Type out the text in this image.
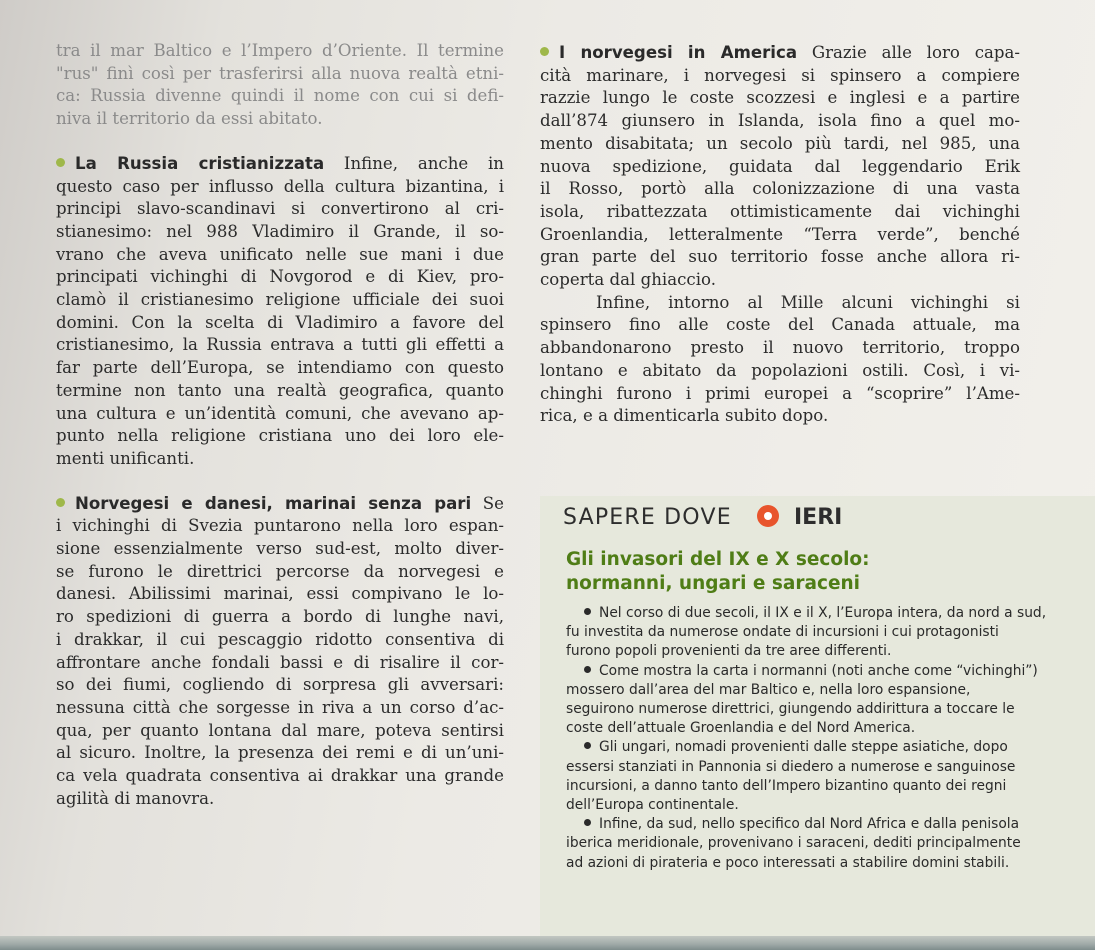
tra il mar Baltico e l’Impero d’Oriente. Il termine
"rus" finì così per trasferirsi alla nuova realtà etni-
ca: Russia divenne quindi il nome con cui si defi-
niva il territorio da essi abitato.
La Russia cristianizzata Infine, anche in
questo caso per influsso della cultura bizantina, i
principi slavo-scandinavi si convertirono al cri-
stianesimo: nel 988 Vladimiro il Grande, il so-
vrano che aveva unificato nelle sue mani i due
principati vichinghi di Novgorod e di Kiev, pro-
clamò il cristianesimo religione ufficiale dei suoi
domini. Con la scelta di Vladimiro a favore del
cristianesimo, la Russia entrava a tutti gli effetti a
far parte dell’Europa, se intendiamo con questo
termine non tanto una realtà geografica, quanto
una cultura e un’identità comuni, che avevano ap-
punto nella religione cristiana uno dei loro ele-
menti unificanti.
Norvegesi e danesi, marinai senza pari Se
i vichinghi di Svezia puntarono nella loro espan-
sione essenzialmente verso sud-est, molto diver-
se furono le direttrici percorse da norvegesi e
danesi. Abilissimi marinai, essi compivano le lo-
ro spedizioni di guerra a bordo di lunghe navi,
i drakkar, il cui pescaggio ridotto consentiva di
affrontare anche fondali bassi e di risalire il cor-
so dei fiumi, cogliendo di sorpresa gli avversari:
nessuna città che sorgesse in riva a un corso d’ac-
qua, per quanto lontana dal mare, poteva sentirsi
al sicuro. Inoltre, la presenza dei remi e di un’uni-
ca vela quadrata consentiva ai drakkar una grande
agilità di manovra.
I norvegesi in America Grazie alle loro capa-
cità marinare, i norvegesi si spinsero a compiere
razzie lungo le coste scozzesi e inglesi e a partire
dall’874 giunsero in Islanda, isola fino a quel mo-
mento disabitata; un secolo più tardi, nel 985, una
nuova spedizione, guidata dal leggendario Erik
il Rosso, portò alla colonizzazione di una vasta
isola, ribattezzata ottimisticamente dai vichinghi
Groenlandia, letteralmente “Terra verde”, benché
gran parte del suo territorio fosse anche allora ri-
coperta dal ghiaccio.
Infine, intorno al Mille alcuni vichinghi si
spinsero fino alle coste del Canada attuale, ma
abbandonarono presto il nuovo territorio, troppo
lontano e abitato da popolazioni ostili. Così, i vi-
chinghi furono i primi europei a “scoprire” l’Ame-
rica, e a dimenticarla subito dopo.
SAPERE DOVE	IERI
Gli invasori del IX e X secolo:
normanni, ungari e saraceni
Nel corso di due secoli, il IX e il X, l’Europa intera, da nord a sud,
fu investita da numerose ondate di incursioni i cui protagonisti
furono popoli provenienti da tre aree differenti.
Come mostra la carta i normanni (noti anche come “vichinghi”)
mossero dall’area del mar Baltico e, nella loro espansione,
seguirono numerose direttrici, giungendo addirittura a toccare le
coste dell’attuale Groenlandia e del Nord America.
Gli ungari, nomadi provenienti dalle steppe asiatiche, dopo
essersi stanziati in Pannonia si diedero a numerose e sanguinose
incursioni, a danno tanto dell’Impero bizantino quanto dei regni
dell’Europa continentale.
Infine, da sud, nello specifico dal Nord Africa e dalla penisola
iberica meridionale, provenivano i saraceni, dediti principalmente
ad azioni di pirateria e poco interessati a stabilire domini stabili.
